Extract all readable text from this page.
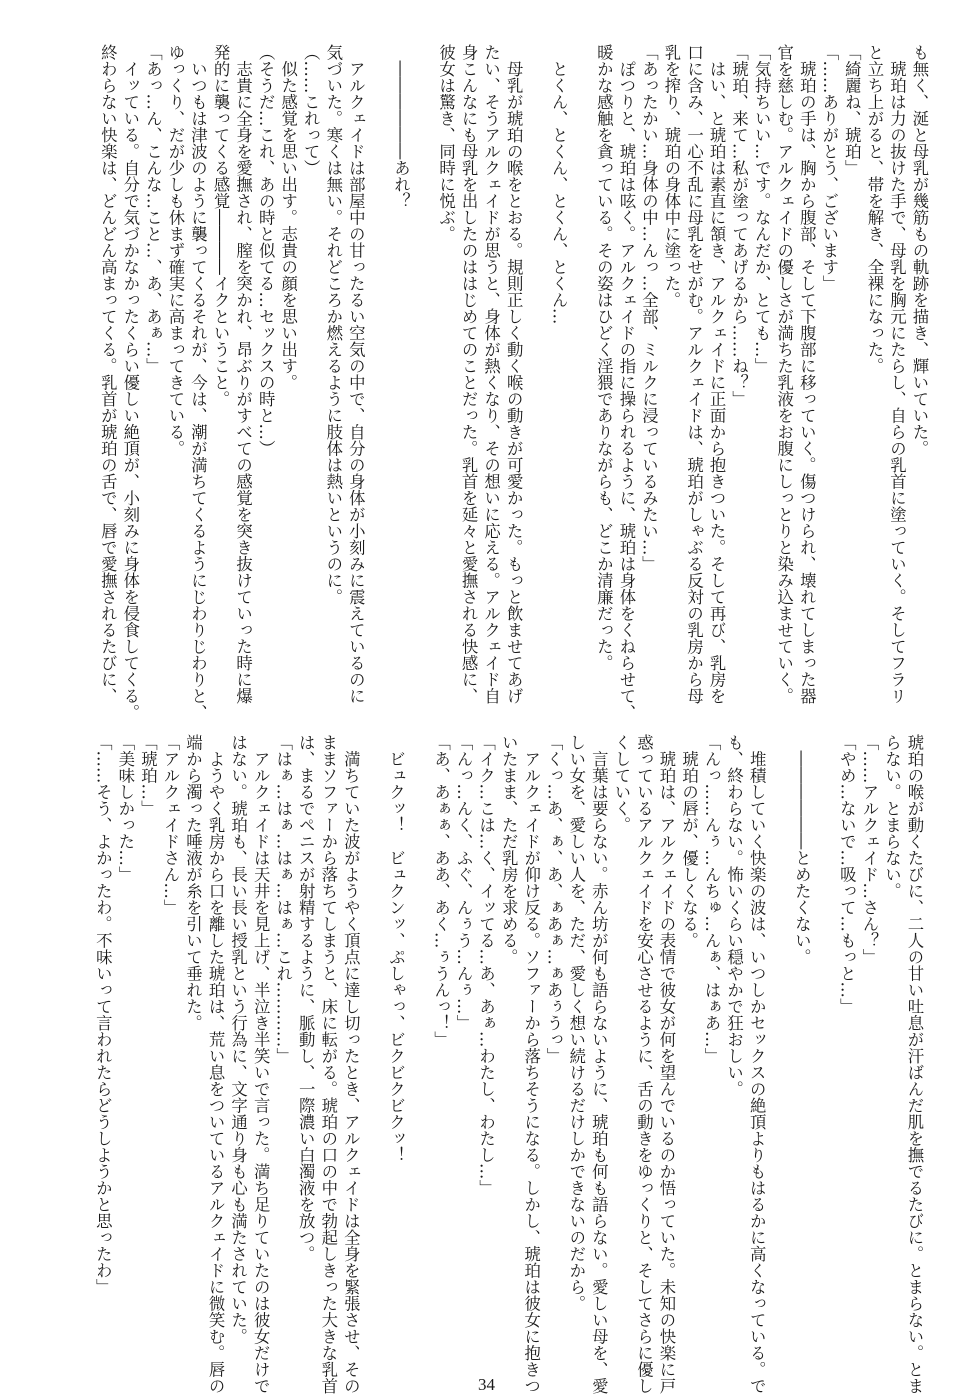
も無く、涎と母乳が幾筋もの軌跡を描き、輝いていた。
　琥珀は力の抜けた手で、母乳を胸元にたらし、自らの乳首に塗っていく。そしてフラリ
と立ち上がると、帯を解き、全裸になった。
「綺麗ね、琥珀」
「……ありがとう、ございます」
　琥珀の手は、胸から腹部、そして下腹部に移っていく。傷つけられ、壊れてしまった器
官を慈しむ。アルクェイドの優しさが満ちた乳液をお腹にしっとりと染み込ませていく。
「気持ちいい…です。なんだか、とても…」
「琥珀、来て…私が塗ってあげるから……ね？」
　はい、と琥珀は素直に頷き、アルクェイドに正面から抱きついた。そして再び、乳房を
口に含み、一心不乱に母乳をせがむ。アルクェイドは、琥珀がしゃぶる反対の乳房から母
乳を搾り、琥珀の身体中に塗った。
「あったかい…身体の中…んっ…全部、ミルクに浸っているみたい…」
　ぽつりと、琥珀は呟く。アルクェイドの指に操られるように、琥珀は身体をくねらせて、
暖かな感触を貪っている。その姿はひどく淫猥でありながらも、どこか清廉だった。

　とくん、とくん、とくん、とくん…

　母乳が琥珀の喉をとおる。規則正しく動く喉の動きが可愛かった。もっと飲ませてあげ
たい、そうアルクェイドが思うと、身体が熱くなり、その想いに応える。アルクェイド自
身こんなにも母乳を出したのははじめてのことだった。乳首を延々と愛撫される快感に、
彼女は驚き、同時に悦ぶ。

　――――――あれ？

　アルクェイドは部屋中の甘ったるい空気の中で、自分の身体が小刻みに震えているのに
気づいた。寒くは無い。それどころか燃えるように肢体は熱いというのに。
（……これって）
　似た感覚を思い出す。志貴の顔を思い出す。
（そうだ…これ、あの時と似てる…セックスの時と…）
　志貴に全身を愛撫され、膣を突かれ、昂ぶりがすべての感覚を突き抜けていった時に爆
発的に襲ってくる感覚――――イクということ。
　いつもは津波のように襲ってくるそれが、今は、潮が満ちてくるようにじわりじわりと、
ゆっくり、だが少しも休まず確実に高まってきている。
「あっ…ん、こんな…こと…、あ、あぁ…」
　イッている。自分で気づかなかったくらい優しい絶頂が、小刻みに身体を侵食してくる。
終わらない快楽は、どんどん高まってくる。乳首が琥珀の舌で、唇で愛撫されるたびに、
琥珀の喉が動くたびに、二人の甘い吐息が汗ばんだ肌を撫でるたびに。とまらない。とま
らない。とまらない。
「……アルクェイド…さん？」
「やめ…ないで…吸って…もっと…」

　――――――とめたくない。

　堆積していく快楽の波は、いつしかセックスの絶頂よりもはるかに高くなっている。で
も、終わらない。怖いくらい穏やかで狂おしい。
「んっ……んぅ…んちゅ…んぁ、はぁあ…」
　琥珀の唇が、優しくなる。
　琥珀は、アルクェイドの表情で彼女が何を望んでいるのか悟っていた。未知の快楽に戸
惑っているアルクェイドを安心させるように、舌の動きをゆっくりと、そしてさらに優し
くしていく。
　言葉は要らない。赤ん坊が何も語らないように、琥珀も何も語らない。愛しい母を、愛
しい女を、愛しい人を、ただ、愛しく想い続けるだけしかできないのだから。
「くっ…あ、ぁ、あ、ぁあぁ…ぁあぅうっ」
　アルクェイドが仰け反る。ソファーから落ちそうになる。しかし、琥珀は彼女に抱きつ
いたまま、ただ乳房を求める。
「イク…こは…く、イッてる…あ、あぁ…わたし、わたし…」
「んっ…んく、ふぐ、んぅう…んぅ…」
「あ、あぁぁ、ああ、あく…ぅうんっ！」

　ビュクッ！　ビュクンッ、ぷしゃっ、ビクビクビクッ！

　満ちていた波がようやく頂点に達し切ったとき、アルクェイドは全身を緊張させ、その
ままソファーから落ちてしまうと、床に転がる。琥珀の口の中で勃起しきった大きな乳首
は、まるでペニスが射精するように、脈動し、一際濃い白濁液を放つ。
「はぁ…はぁ…はぁ…はぁ…これ…………」
　アルクェイドは天井を見上げ、半泣き半笑いで言った。満ち足りていたのは彼女だけで
はない。琥珀も、長い長い授乳という行為に、文字通り身も心も満たされていた。
　ようやく乳房から口を離した琥珀は、荒い息をついているアルクェイドに微笑む。唇の
端から濁った唾液が糸を引いて垂れた。
「アルクェイドさん…」
「琥珀…」
「美味しかった…」
「……そう、よかったわ。不味いって言われたらどうしようかと思ったわ」
34
